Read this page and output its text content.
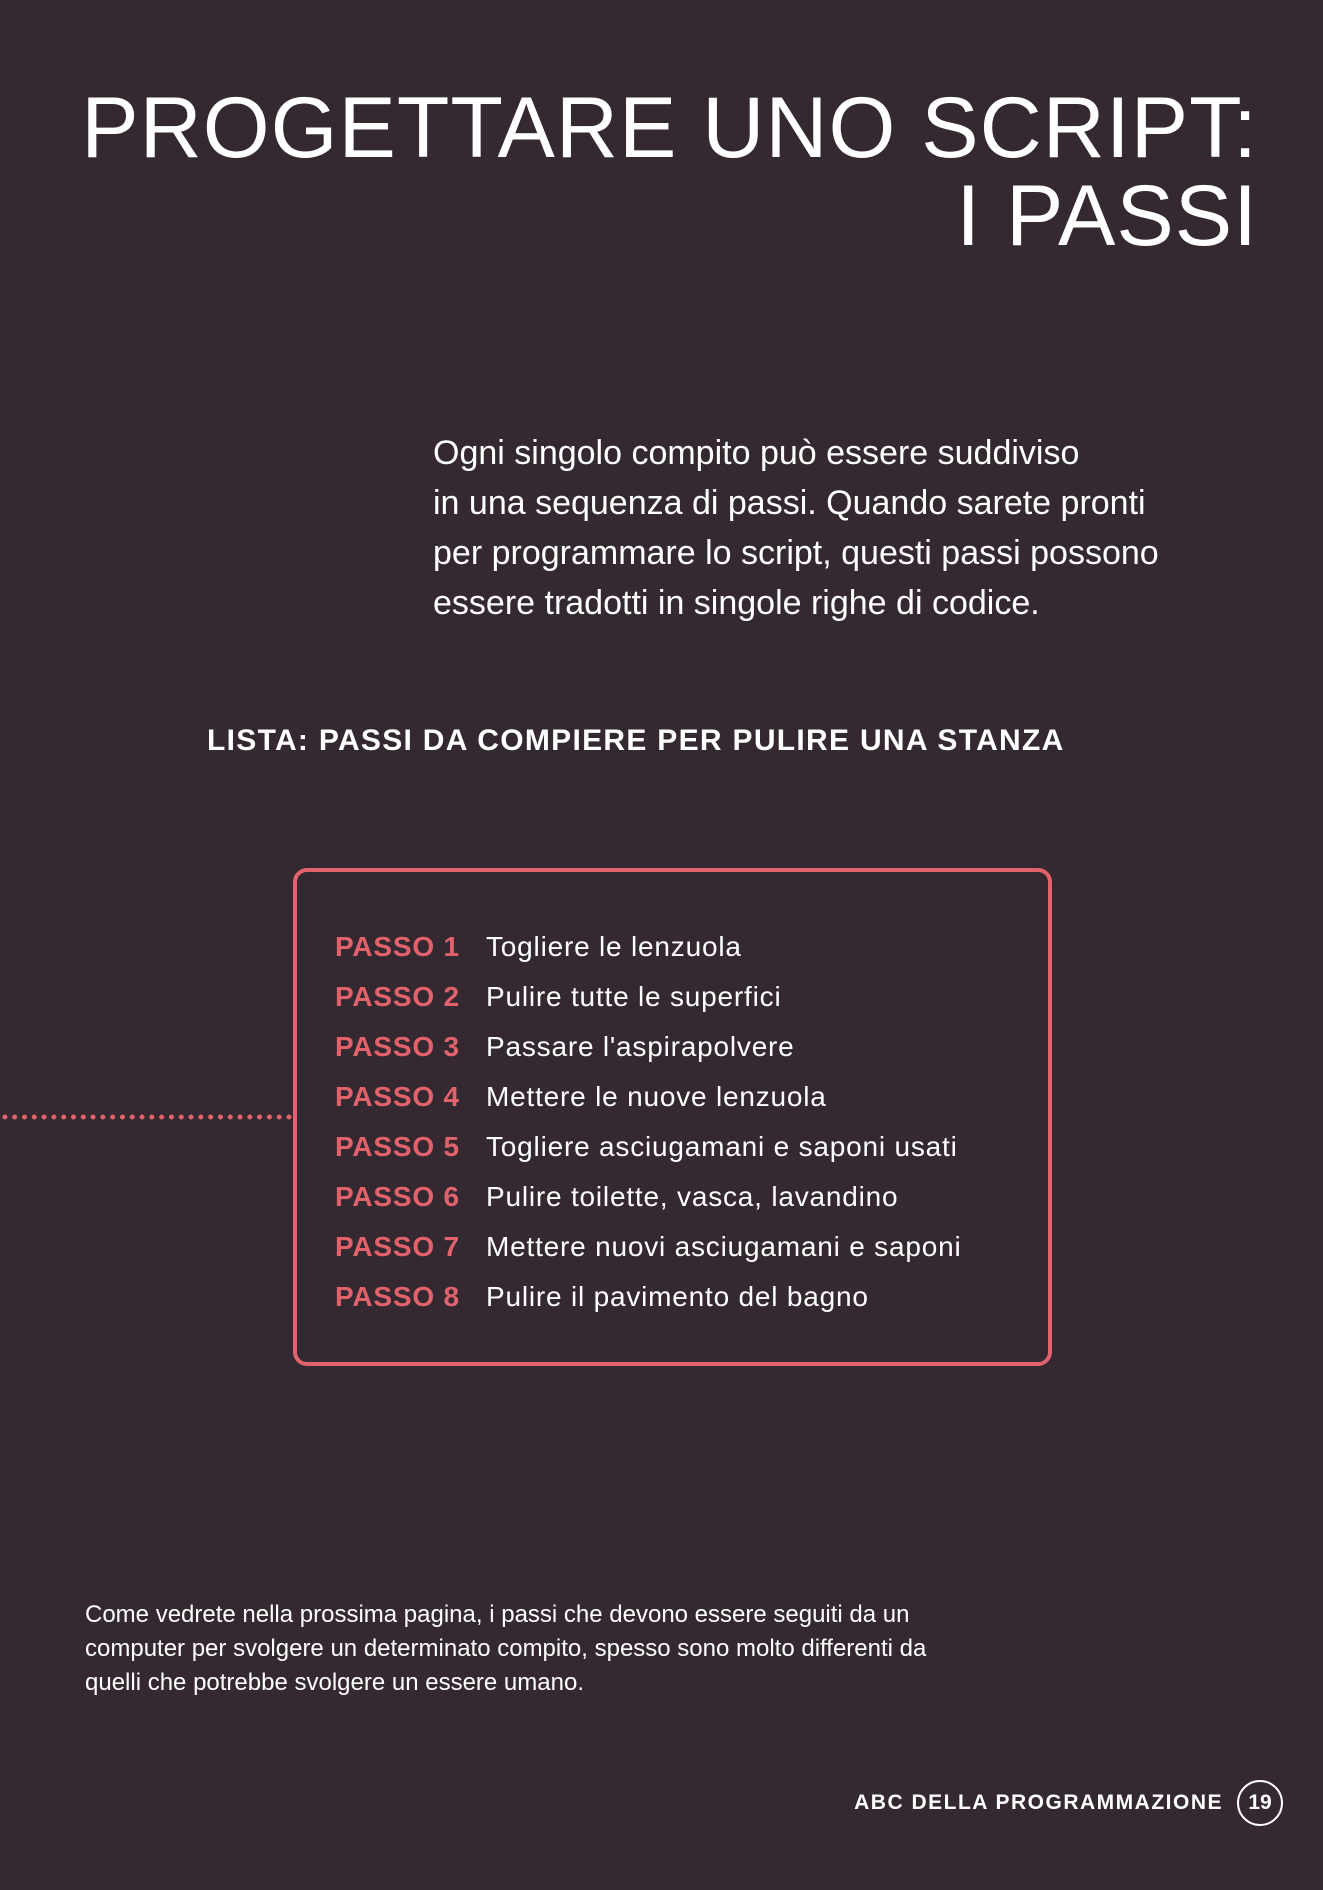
PROGETTARE UNO SCRIPT:
I PASSI

Ogni singolo compito può essere suddiviso
in una sequenza di passi. Quando sarete pronti
per programmare lo script, questi passi possono
essere tradotti in singole righe di codice.

LISTA: PASSI DA COMPIERE PER PULIRE UNA STANZA
PASSO 1 Togliere le lenzuola
PASSO 2 Pulire tutte le superfici
PASSO 3 Passare l'aspirapolvere
PASSO 4 Mettere le nuove lenzuola
PASSO 5 Togliere asciugamani e saponi usati
PASSO 6 Pulire toilette, vasca, lavandino
PASSO 7 Mettere nuovi asciugamani e saponi
PASSO 8 Pulire il pavimento del bagno

Come vedrete nella prossima pagina, i passi che devono essere seguiti da un
computer per svolgere un determinato compito, spesso sono molto differenti da
quelli che potrebbe svolgere un essere umano.

ABC DELLA PROGRAMMAZIONE	19
